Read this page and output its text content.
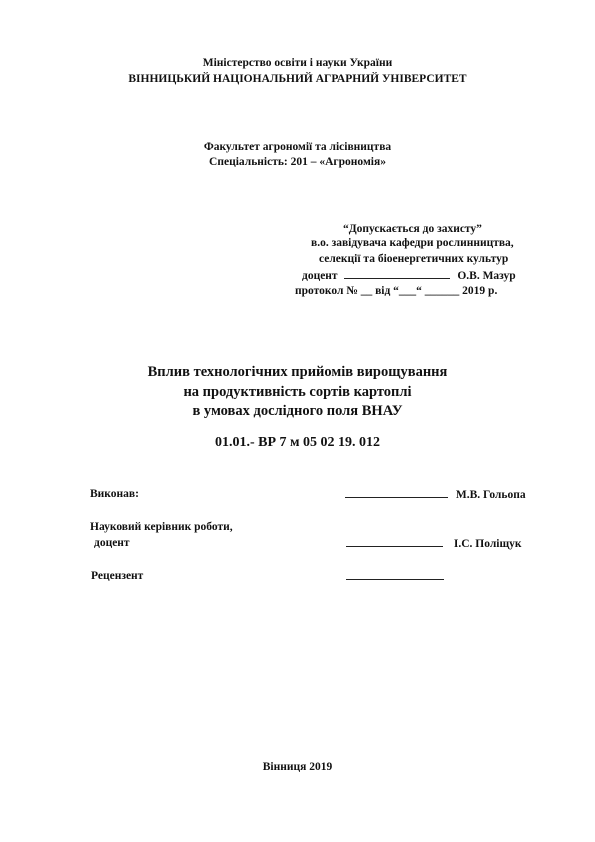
Міністерство освіти і науки України
ВІННИЦЬКИЙ НАЦІОНАЛЬНИЙ АГРАРНИЙ УНІВЕРСИТЕТ
Факультет агрономії та лісівництва
Спеціальність: 201 – «Агрономія»
“Допускається до захисту”
в.о. завідувача кафедри рослинництва,
селекції та біоенергетичних культур
доцент	О.В. Мазур
протокол № __ від “___“ ______ 2019 р.
Вплив технологічних прийомів вирощування
на продуктивність сортів картоплі
в умовах дослідного поля ВНАУ
01.01.- ВР 7 м 05 02 19. 012
Виконав:	М.В. Гольопа
Науковий керівник роботи,
доцент	І.С. Поліщук
Рецензент
Вінниця 2019
